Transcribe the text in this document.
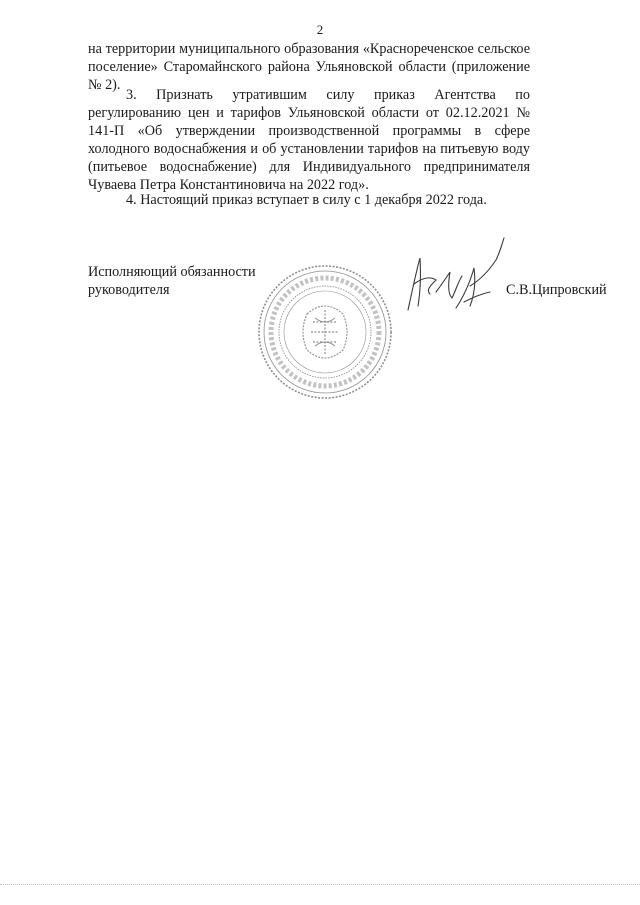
2

на территории муниципального образования «Краснореченское сельское поселение» Старомайнского района Ульяновской области (приложение № 2).

3. Признать утратившим силу приказ Агентства по регулированию цен и тарифов Ульяновской области от 02.12.2021 № 141-П «Об утверждении производственной программы в сфере холодного водоснабжения и об установлении тарифов на питьевую воду (питьевое водоснабжение) для Индивидуального предпринимателя Чуваева Петра Константиновича на 2022 год».

4. Настоящий приказ вступает в силу с 1 декабря 2022 года.

Исполняющий обязанности
руководителя	С.В.Ципровский
